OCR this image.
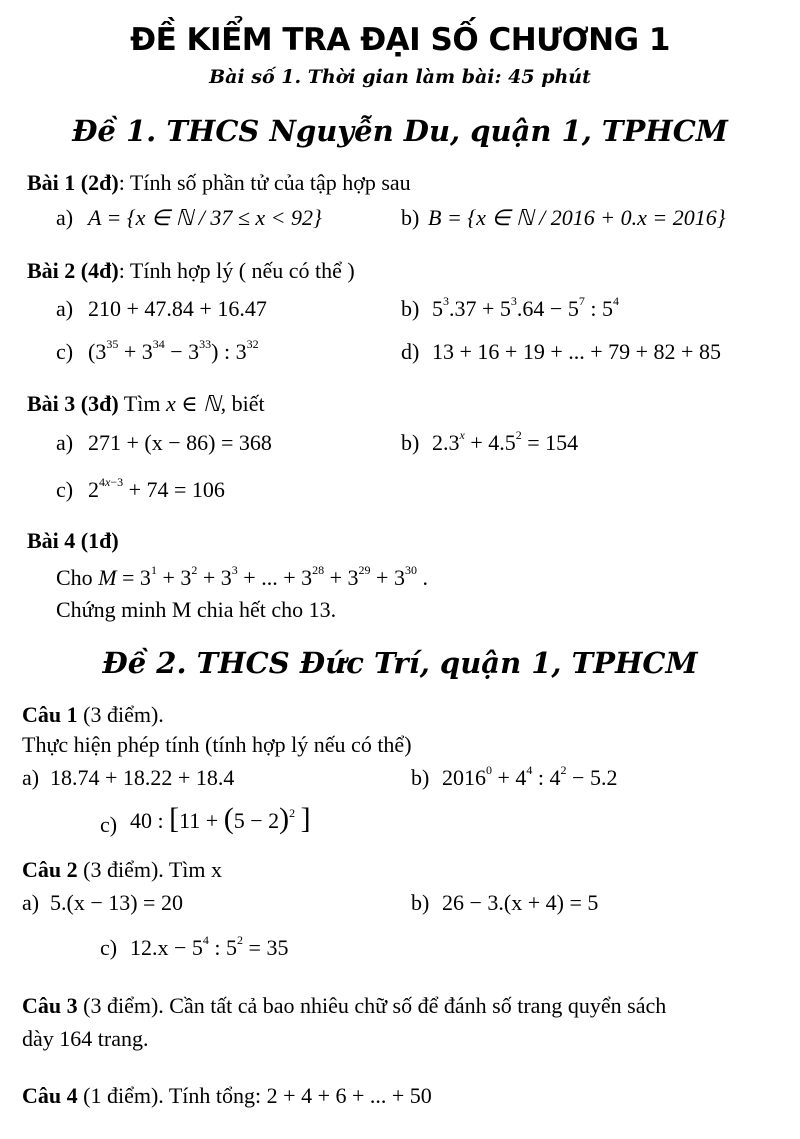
ĐỀ KIỂM TRA ĐẠI SỐ CHƯƠNG 1
Bài số 1. Thời gian làm bài: 45 phút
Đề 1. THCS Nguyễn Du, quận 1, TPHCM
Bài 1 (2đ): Tính số phần tử của tập hợp sau
a) A = {x ∈ ℕ / 37 ≤ x < 92}	b) B = {x ∈ ℕ / 2016 + 0.x = 2016}
Bài 2 (4đ): Tính hợp lý ( nếu có thể )
a) 210 + 47.84 + 16.47	b) $5^3.37 + 5^3.64 - 5^7$ : $5^4$
c) $(3^{35} + 3^{34} - 3^{33})$ : $3^{32}$	d) 13 + 16 + 19 + ... + 79 + 82 + 85
Bài 3 (3đ) Tìm x ∈ ℕ, biết
a) 271 + (x − 86) = 368	b) $2.3^x + 4.5^2 = 154$
c) $2^{4x-3} + 74 = 106$
Bài 4 (1đ)
Cho $M = 3^1 + 3^2 + 3^3$ + ... + $3^{28} + 3^{29} + 3^{30}$ .
Chứng minh M chia hết cho 13.
Đề 2. THCS Đức Trí, quận 1, TPHCM
Câu 1 (3 điểm).
Thực hiện phép tính (tính hợp lý nếu có thể)
a) 18.74 + 18.22 + 18.4	b) $2016^0 + 4^4$ : $4^2 - 5.2$
c) 40 : [$11 + (5 - 2)^2$ ]
Câu 2 (3 điểm). Tìm x
a) 5.(x − 13) = 20	b) 26 − 3.(x + 4) = 5
c) $12.x - 5^4$ : $5^2 = 35$
Câu 3 (3 điểm). Cần tất cả bao nhiêu chữ số để đánh số trang quyển sách
dày 164 trang.
Câu 4 (1 điểm). Tính tổng: 2 + 4 + 6 + ... + 50
